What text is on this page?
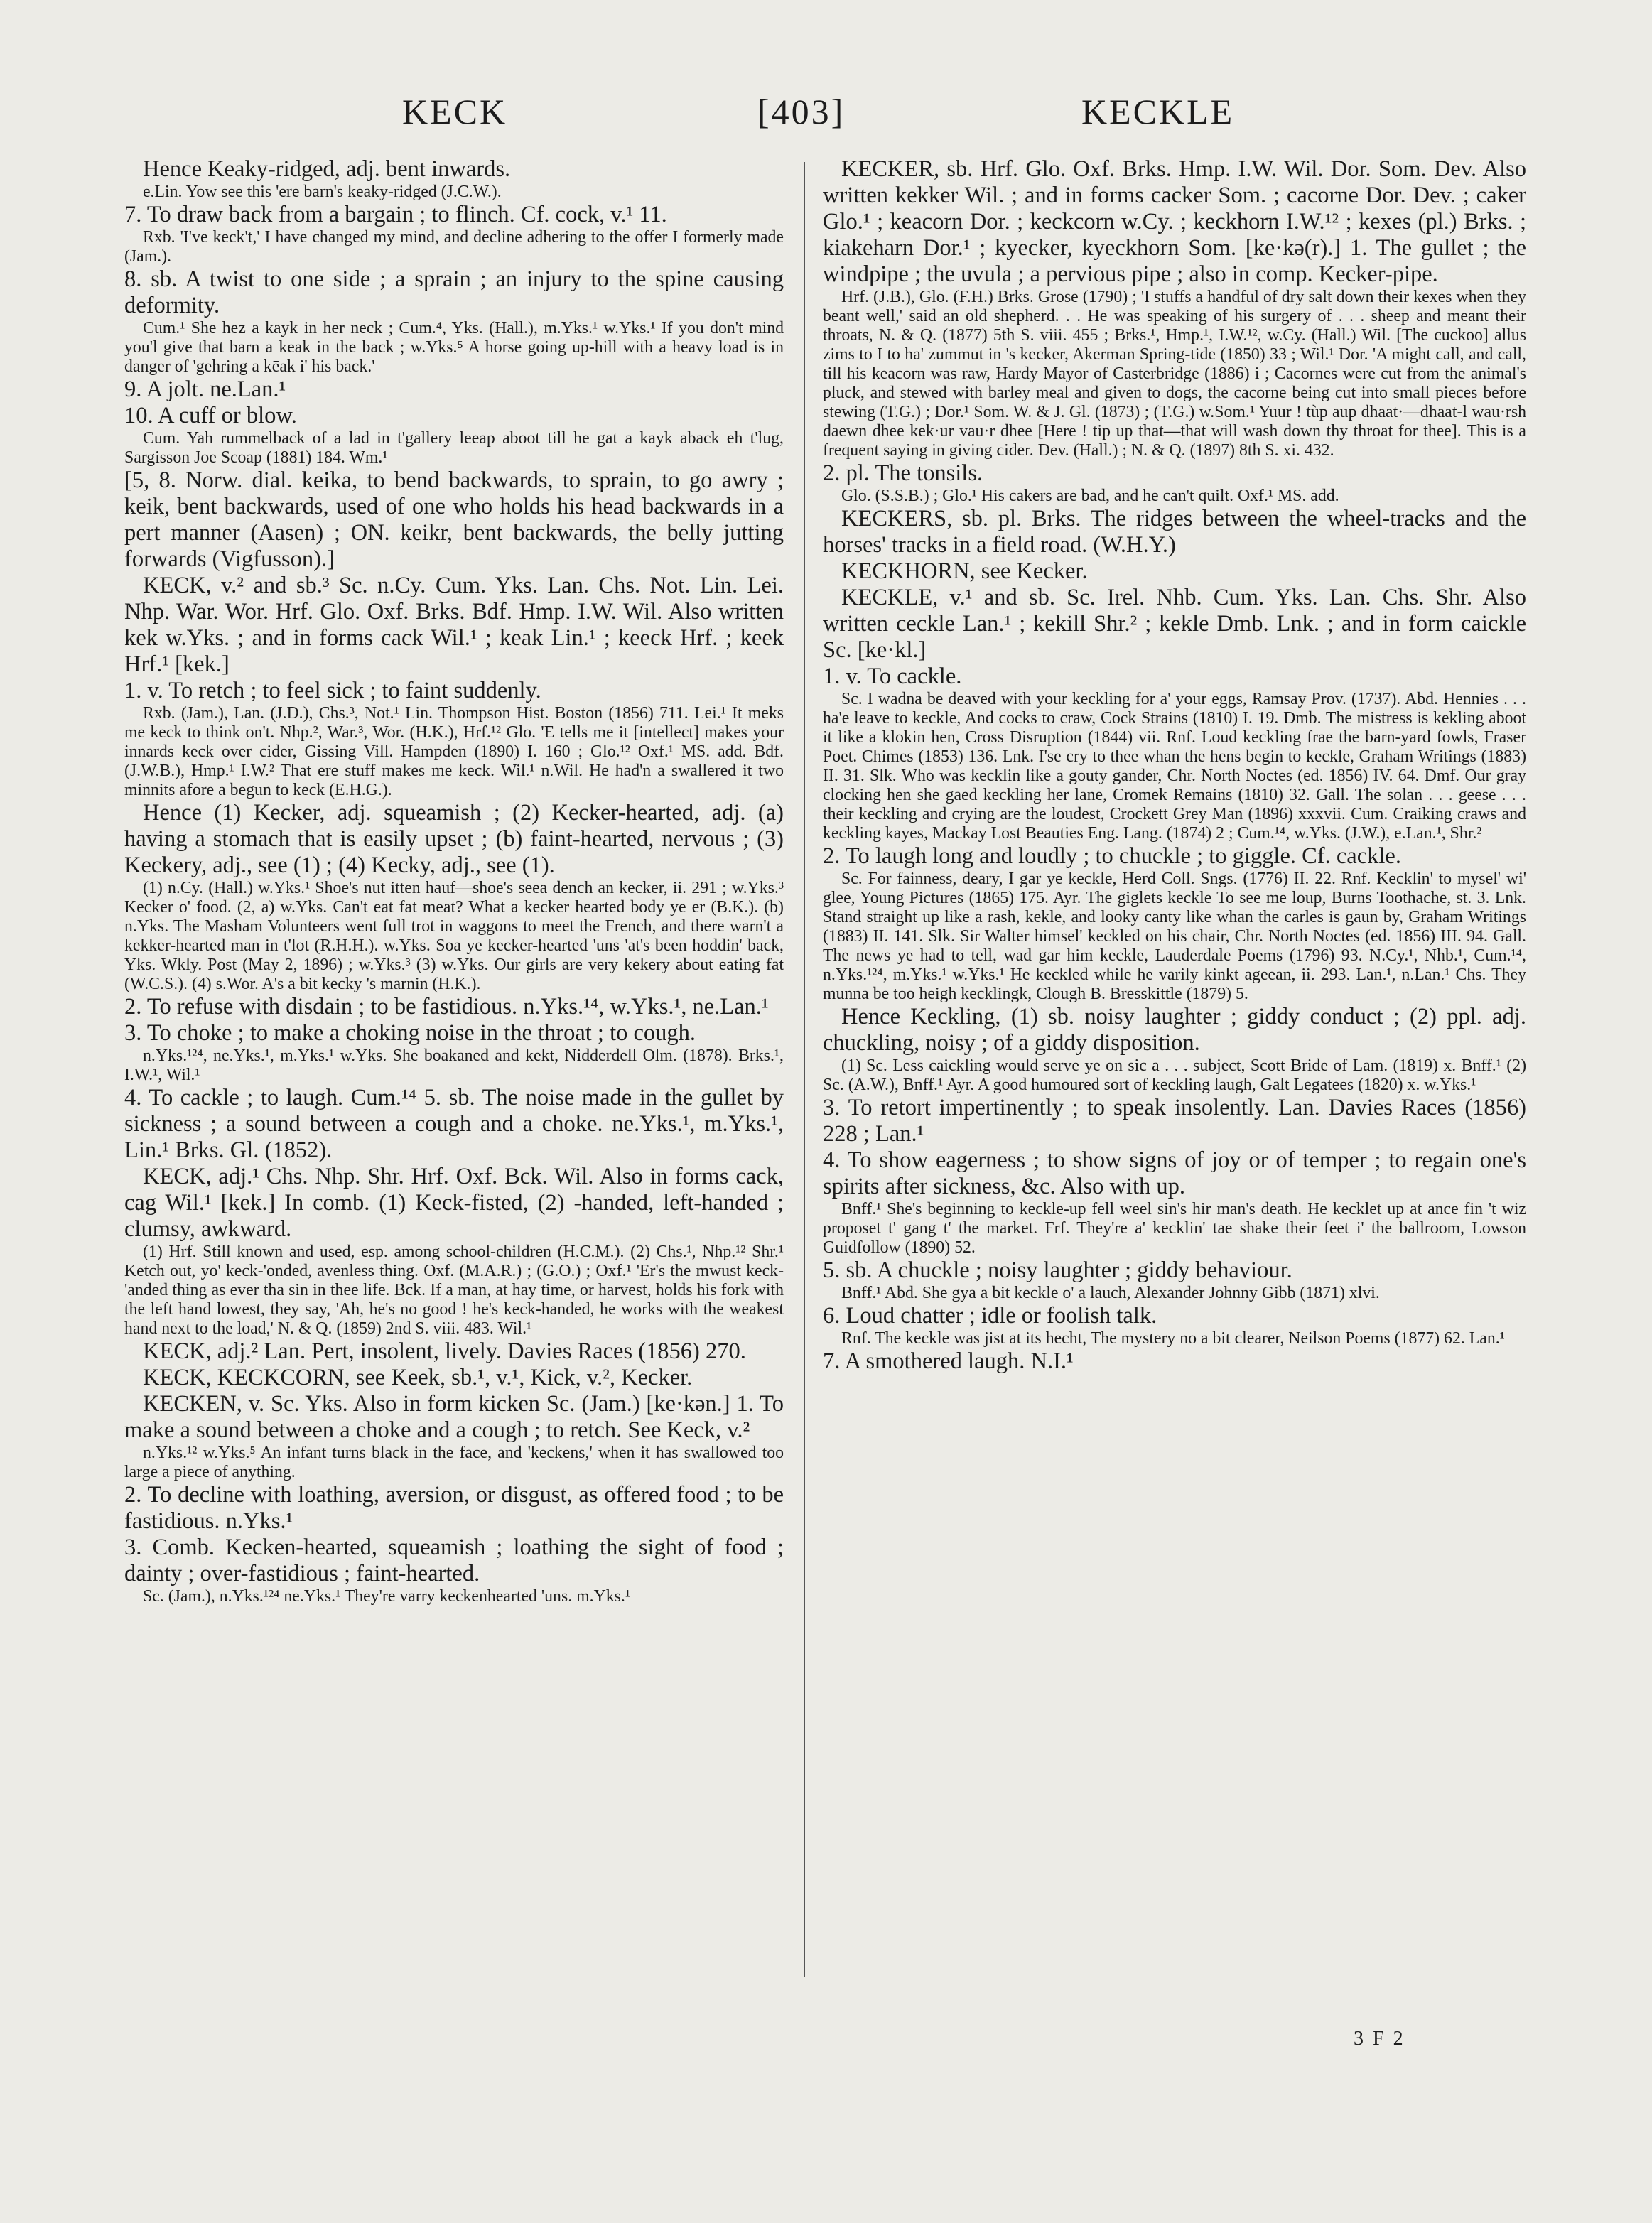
KECK	[403]	KECKLE

Hence Keaky-ridged, adj. bent inwards.

e.Lin. Yow see this 'ere barn's keaky-ridged (J.C.W.).

7. To draw back from a bargain ; to flinch. Cf. cock, v.¹ 11.

Rxb. 'I've keck't,' I have changed my mind, and decline adhering to the offer I formerly made (Jam.).

8. sb. A twist to one side ; a sprain ; an injury to the spine causing deformity.

Cum.¹ She hez a kayk in her neck ; Cum.⁴, Yks. (Hall.), m.Yks.¹ w.Yks.¹ If you don't mind you'l give that barn a keak in the back ; w.Yks.⁵ A horse going up-hill with a heavy load is in danger of 'gehring a kēak i' his back.'

9. A jolt. ne.Lan.¹

10. A cuff or blow.

Cum. Yah rummelback of a lad in t'gallery leeap aboot till he gat a kayk aback eh t'lug, Sargisson Joe Scoap (1881) 184. Wm.¹

[5, 8. Norw. dial. keika, to bend backwards, to sprain, to go awry ; keik, bent backwards, used of one who holds his head backwards in a pert manner (Aasen) ; ON. keikr, bent backwards, the belly jutting forwards (Vigfusson).]

KECK, v.² and sb.³ Sc. n.Cy. Cum. Yks. Lan. Chs. Not. Lin. Lei. Nhp. War. Wor. Hrf. Glo. Oxf. Brks. Bdf. Hmp. I.W. Wil. Also written kek w.Yks. ; and in forms cack Wil.¹ ; keak Lin.¹ ; keeck Hrf. ; keek Hrf.¹ [kek.]

1. v. To retch ; to feel sick ; to faint suddenly.

Rxb. (Jam.), Lan. (J.D.), Chs.³, Not.¹ Lin. Thompson Hist. Boston (1856) 711. Lei.¹ It meks me keck to think on't. Nhp.², War.³, Wor. (H.K.), Hrf.¹² Glo. 'E tells me it [intellect] makes your innards keck over cider, Gissing Vill. Hampden (1890) I. 160 ; Glo.¹² Oxf.¹ MS. add. Bdf. (J.W.B.), Hmp.¹ I.W.² That ere stuff makes me keck. Wil.¹ n.Wil. He had'n a swallered it two minnits afore a begun to keck (E.H.G.).

Hence (1) Kecker, adj. squeamish ; (2) Kecker-hearted, adj. (a) having a stomach that is easily upset ; (b) faint-hearted, nervous ; (3) Keckery, adj., see (1) ; (4) Kecky, adj., see (1).

(1) n.Cy. (Hall.) w.Yks.¹ Shoe's nut itten hauf—shoe's seea dench an kecker, ii. 291 ; w.Yks.³ Kecker o' food. (2, a) w.Yks. Can't eat fat meat? What a kecker hearted body ye er (B.K.). (b) n.Yks. The Masham Volunteers went full trot in waggons to meet the French, and there warn't a kekker-hearted man in t'lot (R.H.H.). w.Yks. Soa ye kecker-hearted 'uns 'at's been hoddin' back, Yks. Wkly. Post (May 2, 1896) ; w.Yks.³ (3) w.Yks. Our girls are very kekery about eating fat (W.C.S.). (4) s.Wor. A's a bit kecky 's marnin (H.K.).

2. To refuse with disdain ; to be fastidious. n.Yks.¹⁴, w.Yks.¹, ne.Lan.¹

3. To choke ; to make a choking noise in the throat ; to cough.

n.Yks.¹²⁴, ne.Yks.¹, m.Yks.¹ w.Yks. She boakaned and kekt, Nidderdell Olm. (1878). Brks.¹, I.W.¹, Wil.¹

4. To cackle ; to laugh. Cum.¹⁴ 5. sb. The noise made in the gullet by sickness ; a sound between a cough and a choke. ne.Yks.¹, m.Yks.¹, Lin.¹ Brks. Gl. (1852).

KECK, adj.¹ Chs. Nhp. Shr. Hrf. Oxf. Bck. Wil. Also in forms cack, cag Wil.¹ [kek.] In comb. (1) Keck-fisted, (2) -handed, left-handed ; clumsy, awkward.

(1) Hrf. Still known and used, esp. among school-children (H.C.M.). (2) Chs.¹, Nhp.¹² Shr.¹ Ketch out, yo' keck-'onded, avenless thing. Oxf. (M.A.R.) ; (G.O.) ; Oxf.¹ 'Er's the mwust keck-'anded thing as ever tha sin in thee life. Bck. If a man, at hay time, or harvest, holds his fork with the left hand lowest, they say, 'Ah, he's no good ! he's keck-handed, he works with the weakest hand next to the load,' N. & Q. (1859) 2nd S. viii. 483. Wil.¹

KECK, adj.² Lan. Pert, insolent, lively. Davies Races (1856) 270.

KECK, KECKCORN, see Keek, sb.¹, v.¹, Kick, v.², Kecker.

KECKEN, v. Sc. Yks. Also in form kicken Sc. (Jam.) [ke·kən.] 1. To make a sound between a choke and a cough ; to retch. See Keck, v.²

n.Yks.¹² w.Yks.⁵ An infant turns black in the face, and 'keckens,' when it has swallowed too large a piece of anything.

2. To decline with loathing, aversion, or disgust, as offered food ; to be fastidious. n.Yks.¹

3. Comb. Kecken-hearted, squeamish ; loathing the sight of food ; dainty ; over-fastidious ; faint-hearted.

Sc. (Jam.), n.Yks.¹²⁴ ne.Yks.¹ They're varry keckenhearted 'uns. m.Yks.¹

KECKER, sb. Hrf. Glo. Oxf. Brks. Hmp. I.W. Wil. Dor. Som. Dev. Also written kekker Wil. ; and in forms cacker Som. ; cacorne Dor. Dev. ; caker Glo.¹ ; keacorn Dor. ; keckcorn w.Cy. ; keckhorn I.W.¹² ; kexes (pl.) Brks. ; kiakeharn Dor.¹ ; kyecker, kyeckhorn Som. [ke·kə(r).] 1. The gullet ; the windpipe ; the uvula ; a pervious pipe ; also in comp. Kecker-pipe.

Hrf. (J.B.), Glo. (F.H.) Brks. Grose (1790) ; 'I stuffs a handful of dry salt down their kexes when they beant well,' said an old shepherd. . . He was speaking of his surgery of . . . sheep and meant their throats, N. & Q. (1877) 5th S. viii. 455 ; Brks.¹, Hmp.¹, I.W.¹², w.Cy. (Hall.) Wil. [The cuckoo] allus zims to I to ha' zummut in 's kecker, Akerman Spring-tide (1850) 33 ; Wil.¹ Dor. 'A might call, and call, till his keacorn was raw, Hardy Mayor of Casterbridge (1886) i ; Cacornes were cut from the animal's pluck, and stewed with barley meal and given to dogs, the cacorne being cut into small pieces before stewing (T.G.) ; Dor.¹ Som. W. & J. Gl. (1873) ; (T.G.) w.Som.¹ Yuur ! tùp aup dhaat·—dhaat-l wau·rsh daewn dhee kek·ur vau·r dhee [Here ! tip up that—that will wash down thy throat for thee]. This is a frequent saying in giving cider. Dev. (Hall.) ; N. & Q. (1897) 8th S. xi. 432.

2. pl. The tonsils.

Glo. (S.S.B.) ; Glo.¹ His cakers are bad, and he can't quilt. Oxf.¹ MS. add.

KECKERS, sb. pl. Brks. The ridges between the wheel-tracks and the horses' tracks in a field road. (W.H.Y.)

KECKHORN, see Kecker.

KECKLE, v.¹ and sb. Sc. Irel. Nhb. Cum. Yks. Lan. Chs. Shr. Also written ceckle Lan.¹ ; kekill Shr.² ; kekle Dmb. Lnk. ; and in form caickle Sc. [ke·kl.]

1. v. To cackle.

Sc. I wadna be deaved with your keckling for a' your eggs, Ramsay Prov. (1737). Abd. Hennies . . . ha'e leave to keckle, And cocks to craw, Cock Strains (1810) I. 19. Dmb. The mistress is kekling aboot it like a klokin hen, Cross Disruption (1844) vii. Rnf. Loud keckling frae the barn-yard fowls, Fraser Poet. Chimes (1853) 136. Lnk. I'se cry to thee whan the hens begin to keckle, Graham Writings (1883) II. 31. Slk. Who was kecklin like a gouty gander, Chr. North Noctes (ed. 1856) IV. 64. Dmf. Our gray clocking hen she gaed keckling her lane, Cromek Remains (1810) 32. Gall. The solan . . . geese . . . their keckling and crying are the loudest, Crockett Grey Man (1896) xxxvii. Cum. Craiking craws and keckling kayes, Mackay Lost Beauties Eng. Lang. (1874) 2 ; Cum.¹⁴, w.Yks. (J.W.), e.Lan.¹, Shr.²

2. To laugh long and loudly ; to chuckle ; to giggle. Cf. cackle.

Sc. For fainness, deary, I gar ye keckle, Herd Coll. Sngs. (1776) II. 22. Rnf. Kecklin' to mysel' wi' glee, Young Pictures (1865) 175. Ayr. The giglets keckle To see me loup, Burns Toothache, st. 3. Lnk. Stand straight up like a rash, kekle, and looky canty like whan the carles is gaun by, Graham Writings (1883) II. 141. Slk. Sir Walter himsel' keckled on his chair, Chr. North Noctes (ed. 1856) III. 94. Gall. The news ye had to tell, wad gar him keckle, Lauderdale Poems (1796) 93. N.Cy.¹, Nhb.¹, Cum.¹⁴, n.Yks.¹²⁴, m.Yks.¹ w.Yks.¹ He keckled while he varily kinkt ageean, ii. 293. Lan.¹, n.Lan.¹ Chs. They munna be too heigh kecklingk, Clough B. Bresskittle (1879) 5.

Hence Keckling, (1) sb. noisy laughter ; giddy conduct ; (2) ppl. adj. chuckling, noisy ; of a giddy disposition.

(1) Sc. Less caickling would serve ye on sic a . . . subject, Scott Bride of Lam. (1819) x. Bnff.¹ (2) Sc. (A.W.), Bnff.¹ Ayr. A good humoured sort of keckling laugh, Galt Legatees (1820) x. w.Yks.¹

3. To retort impertinently ; to speak insolently. Lan. Davies Races (1856) 228 ; Lan.¹

4. To show eagerness ; to show signs of joy or of temper ; to regain one's spirits after sickness, &c. Also with up.

Bnff.¹ She's beginning to keckle-up fell weel sin's hir man's death. He kecklet up at ance fin 't wiz proposet t' gang t' the market. Frf. They're a' kecklin' tae shake their feet i' the ballroom, Lowson Guidfollow (1890) 52.

5. sb. A chuckle ; noisy laughter ; giddy behaviour.

Bnff.¹ Abd. She gya a bit keckle o' a lauch, Alexander Johnny Gibb (1871) xlvi.

6. Loud chatter ; idle or foolish talk.

Rnf. The keckle was jist at its hecht, The mystery no a bit clearer, Neilson Poems (1877) 62. Lan.¹

7. A smothered laugh. N.I.¹

3 F 2
